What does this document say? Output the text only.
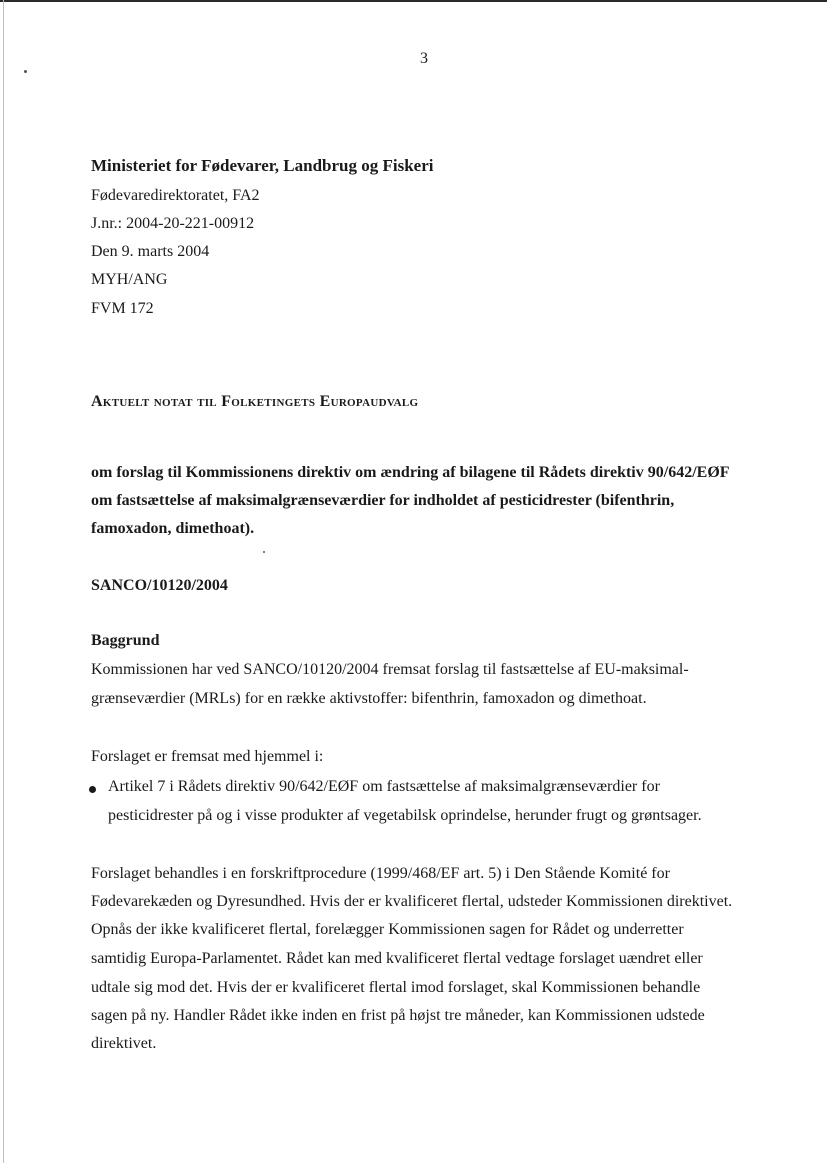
3
Ministeriet for Fødevarer, Landbrug og Fiskeri
Fødevaredirektoratet, FA2
J.nr.: 2004-20-221-00912
Den 9. marts 2004
MYH/ANG
FVM 172
Aktuelt notat til Folketingets Europaudvalg
om forslag til Kommissionens direktiv om ændring af bilagene til Rådets direktiv 90/642/EØF
om fastsættelse af maksimalgrænseværdier for indholdet af pesticidrester (bifenthrin,
famoxadon, dimethoat).
SANCO/10120/2004
Baggrund
Kommissionen har ved SANCO/10120/2004 fremsat forslag til fastsættelse af EU-maksimal-
grænseværdier (MRLs) for en række aktivstoffer: bifenthrin, famoxadon og dimethoat.
Forslaget er fremsat med hjemmel i:
Artikel 7 i Rådets direktiv 90/642/EØF om fastsættelse af maksimalgrænseværdier for
pesticidrester på og i visse produkter af vegetabilsk oprindelse, herunder frugt og grøntsager.
Forslaget behandles i en forskriftprocedure (1999/468/EF art. 5) i Den Stående Komité for
Fødevarekæden og Dyresundhed. Hvis der er kvalificeret flertal, udsteder Kommissionen direktivet.
Opnås der ikke kvalificeret flertal, forelægger Kommissionen sagen for Rådet og underretter
samtidig Europa-Parlamentet. Rådet kan med kvalificeret flertal vedtage forslaget uændret eller
udtale sig mod det. Hvis der er kvalificeret flertal imod forslaget, skal Kommissionen behandle
sagen på ny. Handler Rådet ikke inden en frist på højst tre måneder, kan Kommissionen udstede
direktivet.
